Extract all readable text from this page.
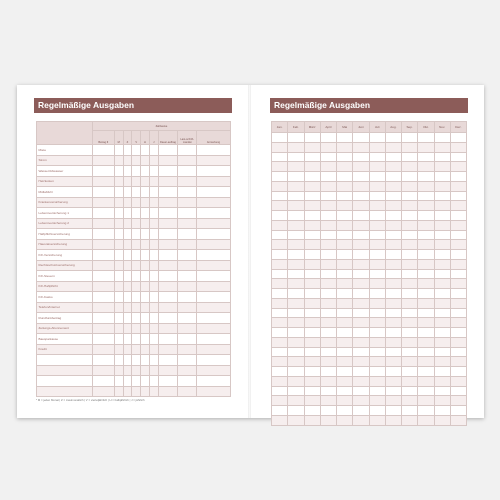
Regelmäßige Ausgaben
	Zahlweise								
	Betrag €	M	Z	V	H	J	Dauer-auftrag	Last-schrift-mandat	Anmerkung
Miete									
Strom									
Wasser/Abwasser									
Heizkosten									
Müllabfuhr									
Krankenversicherung									
Lebensversicherung 1									
Lebensversicherung 2									
Haftpflichtversicherung									
Hausratversicherung									
Kfz-Versicherung									
Rechtsschutzversicherung									
Kfz-Steuern									
Kfz-Haftpflicht									
Kfz-Kasko									
Telefon/Internet									
Rundfunkbeitrag									
Zeitungs-Abonnement									
Bausparkasse									
Kredit									

* M = jeden Monat | Z = zweimonatlich | V = vierteljährlich | H = halbjährlich | J = jährlich
Regelmäßige Ausgaben
Jan.	Feb.	März	April	Mai	Juni	Juli	Aug.	Sep.	Okt.	Nov.	Dez.
